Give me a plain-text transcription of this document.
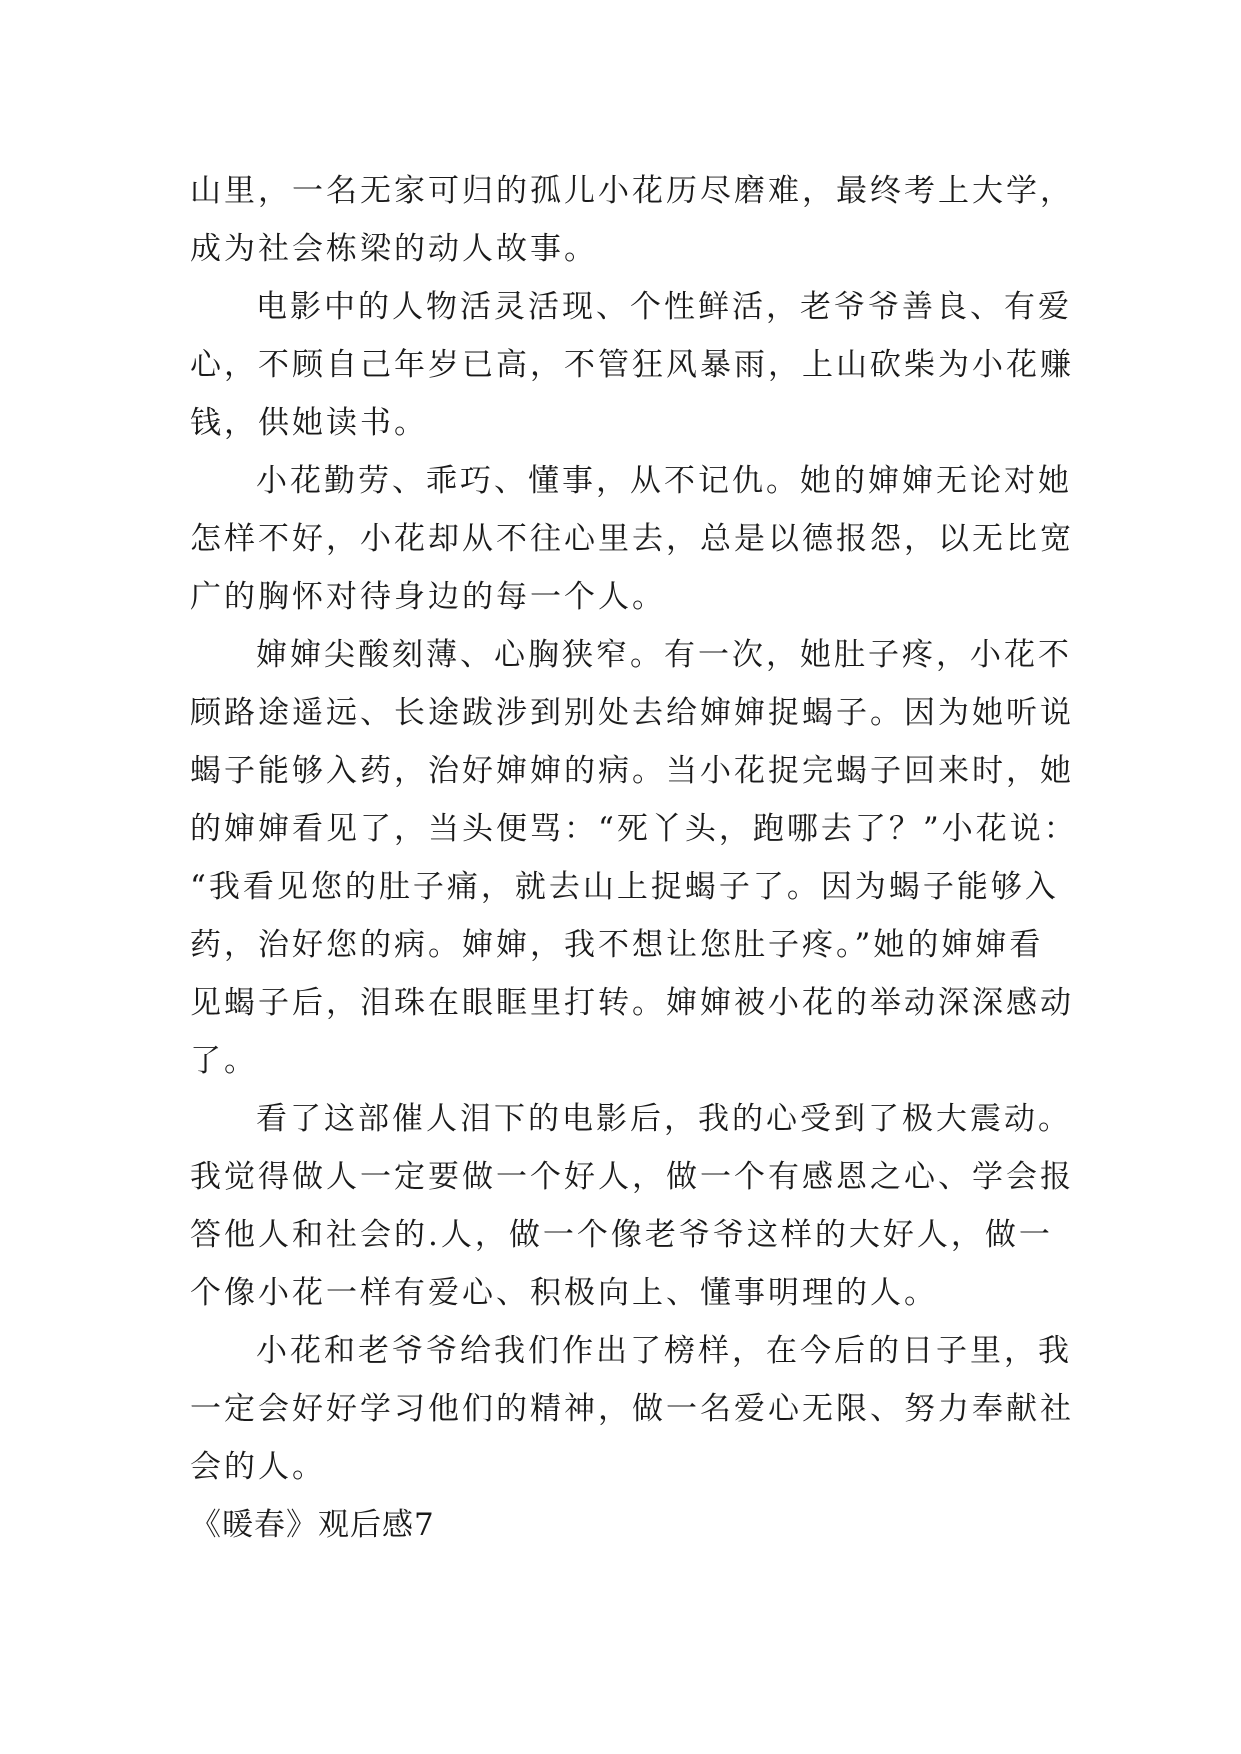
山里，一名无家可归的孤儿小花历尽磨难，最终考上大学，
成为社会栋梁的动人故事。
电影中的人物活灵活现、个性鲜活，老爷爷善良、有爱
心，不顾自己年岁已高，不管狂风暴雨，上山砍柴为小花赚
钱，供她读书。
小花勤劳、乖巧、懂事，从不记仇。她的婶婶无论对她
怎样不好，小花却从不往心里去，总是以德报怨，以无比宽
广的胸怀对待身边的每一个人。
婶婶尖酸刻薄、心胸狭窄。有一次，她肚子疼，小花不
顾路途遥远、长途跋涉到别处去给婶婶捉蝎子。因为她听说
蝎子能够入药，治好婶婶的病。当小花捉完蝎子回来时，她
的婶婶看见了，当头便骂：“死丫头，跑哪去了？”小花说：
“我看见您的肚子痛，就去山上捉蝎子了。因为蝎子能够入
药，治好您的病。婶婶，我不想让您肚子疼。”她的婶婶看
见蝎子后，泪珠在眼眶里打转。婶婶被小花的举动深深感动
了。
看了这部催人泪下的电影后，我的心受到了极大震动。
我觉得做人一定要做一个好人，做一个有感恩之心、学会报
答他人和社会的.人，做一个像老爷爷这样的大好人，做一
个像小花一样有爱心、积极向上、懂事明理的人。
小花和老爷爷给我们作出了榜样，在今后的日子里，我
一定会好好学习他们的精神，做一名爱心无限、努力奉献社
会的人。
《暖春》观后感7
